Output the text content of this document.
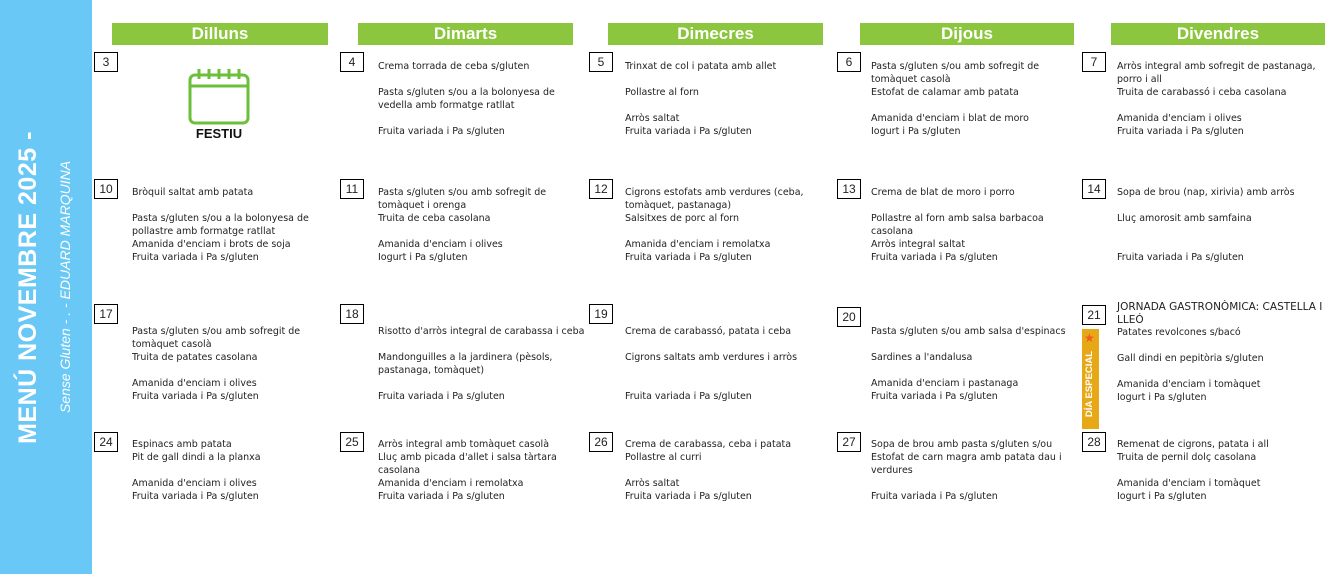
MENÚ NOVEMBRE 2025 - Sense Gluten - . - EDUARD MARQUINA
Dilluns	Dimarts	Dimecres	Dijous	Divendres
3
FESTIU
4	Crema torrada de ceba s/gluten
Pasta s/gluten s/ou a la bolonyesa de vedella amb formatge ratllat
Fruita variada i Pa s/gluten
5	Trinxat de col i patata amb allet
Pollastre al forn
Arròs saltat
Fruita variada i Pa s/gluten
6	Pasta s/gluten s/ou amb sofregit de tomàquet casolà
Estofat de calamar amb patata
Amanida d'enciam i blat de moro
Iogurt i Pa s/gluten
7	Arròs integral amb sofregit de pastanaga, porro i all
Truita de carabassó i ceba casolana
Amanida d'enciam i olives
Fruita variada i Pa s/gluten
10	Bròquil saltat amb patata
Pasta s/gluten s/ou a la bolonyesa de pollastre amb formatge ratllat
Amanida d'enciam i brots de soja
Fruita variada i Pa s/gluten
11	Pasta s/gluten s/ou amb sofregit de tomàquet i orenga
Truita de ceba casolana
Amanida d'enciam i olives
Iogurt i Pa s/gluten
12	Cigrons estofats amb verdures (ceba, tomàquet, pastanaga)
Salsitxes de porc al forn
Amanida d'enciam i remolatxa
Fruita variada i Pa s/gluten
13	Crema de blat de moro i porro
Pollastre al forn amb salsa barbacoa casolana
Arròs integral saltat
Fruita variada i Pa s/gluten
14	Sopa de brou (nap, xirivia) amb arròs
Lluç amorosit amb samfaina
Fruita variada i Pa s/gluten
17
Pasta s/gluten s/ou amb sofregit de tomàquet casolà
Truita de patates casolana
Amanida d'enciam i olives
Fruita variada i Pa s/gluten
18
Risotto d'arròs integral de carabassa i ceba
Mandonguilles a la jardinera (pèsols, pastanaga, tomàquet)
Fruita variada i Pa s/gluten
19
Crema de carabassó, patata i ceba
Cigrons saltats amb verdures i arròs
Fruita variada i Pa s/gluten
20
Pasta s/gluten s/ou amb salsa d'espinacs
Sardines a l'andalusa
Amanida d'enciam i pastanaga
Fruita variada i Pa s/gluten
21
JORNADA GASTRONÒMICA: CASTELLA I LLEÓ
★
DÍA ESPECIAL
Patates revolcones s/bacó
Gall dindi en pepitòria s/gluten
Amanida d'enciam i tomàquet
Iogurt i Pa s/gluten
24	Espinacs amb patata
Pit de gall dindi a la planxa
Amanida d'enciam i olives
Fruita variada i Pa s/gluten
25	Arròs integral amb tomàquet casolà
Lluç amb picada d'allet i salsa tàrtara casolana
Amanida d'enciam i remolatxa
Fruita variada i Pa s/gluten
26	Crema de carabassa, ceba i patata
Pollastre al curri
Arròs saltat
Fruita variada i Pa s/gluten
27	Sopa de brou amb pasta s/gluten s/ou
Estofat de carn magra amb patata dau i verdures
Fruita variada i Pa s/gluten
28	Remenat de cigrons, patata i all
Truita de pernil dolç casolana
Amanida d'enciam i tomàquet
Iogurt i Pa s/gluten
